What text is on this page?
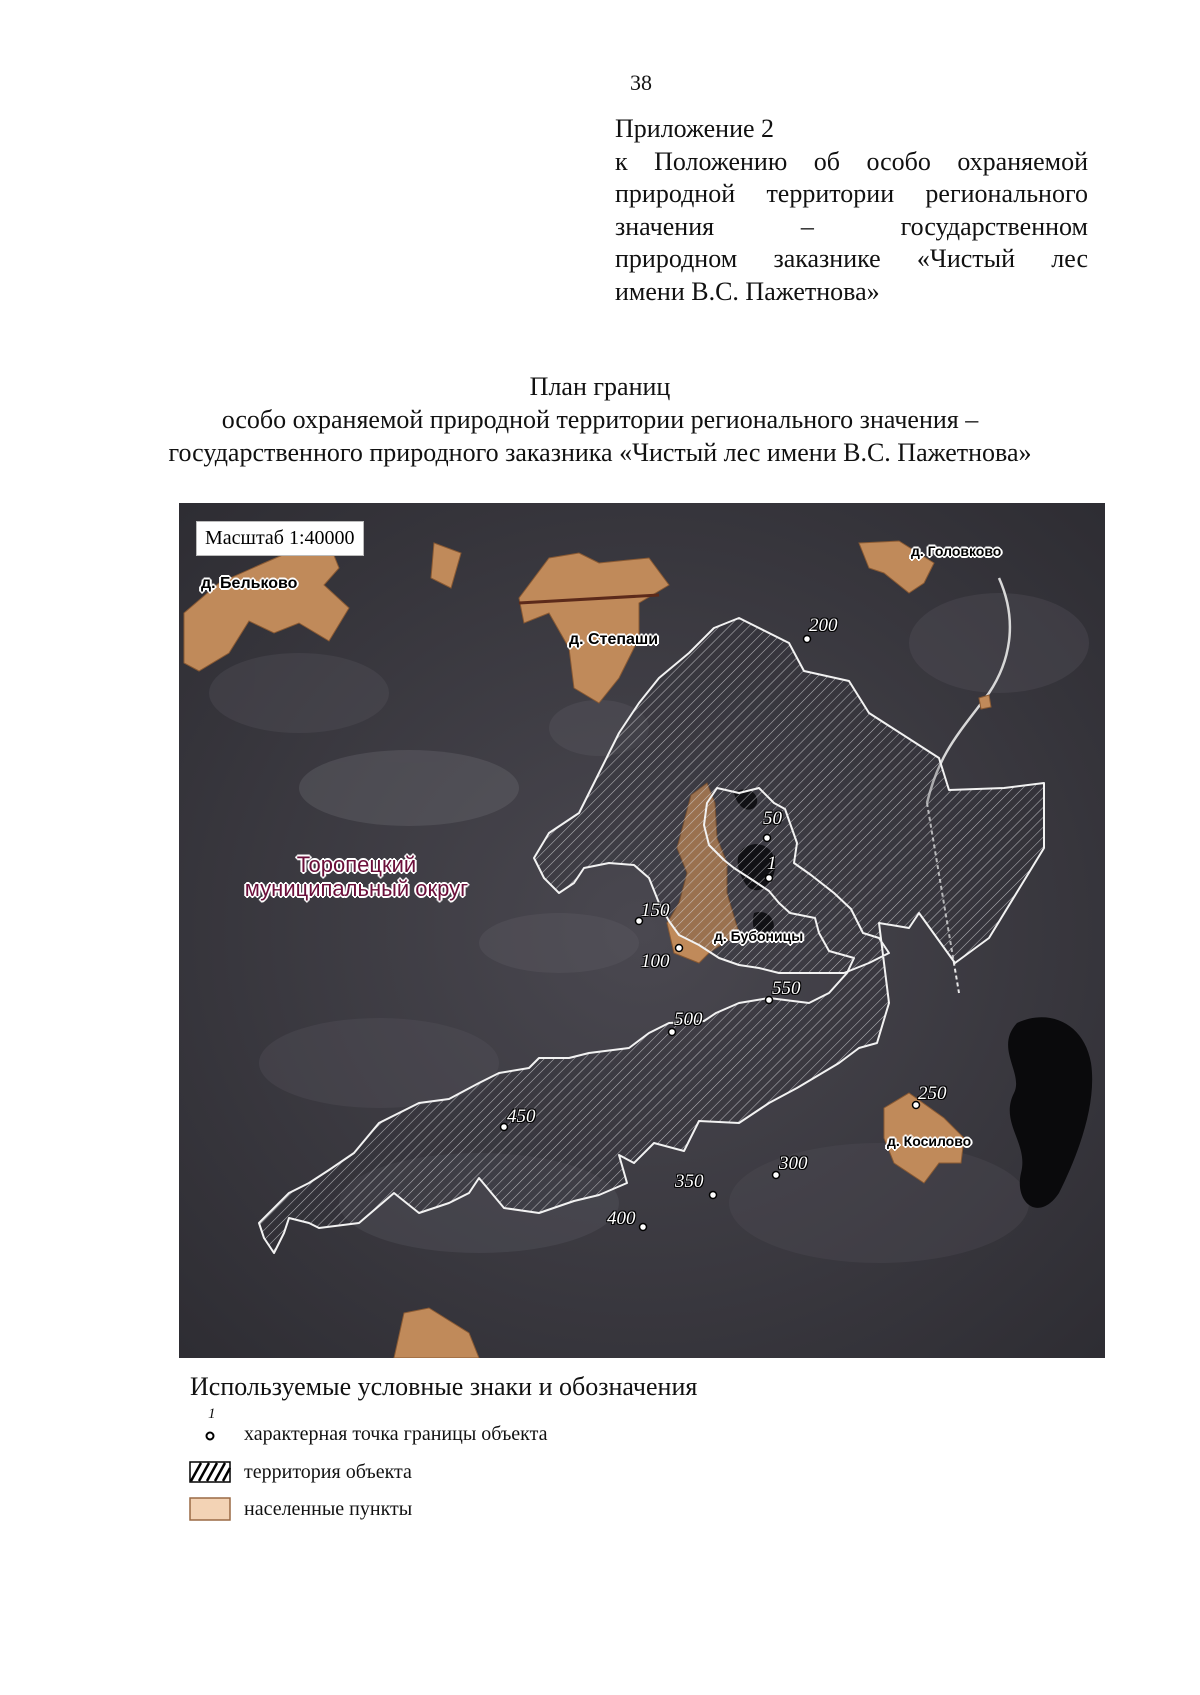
38
Приложение 2
к Положению об особо охраняемой
природной территории регионального
значения – государственном
природном заказнике «Чистый лес
имени В.С. Пажетнова»
План границ
особо охраняемой природной территории регионального значения –
государственного природного заказника «Чистый лес имени В.С. Пажетнова»
Масштаб 1:40000
д. Бельково
д. Степаши
д. Головково
д. Бубоницы
д. Косилово
Торопецкий
муниципальный округ
200
1
50
150
100
550
500
450
250
300
350
400
Используемые условные знаки и обозначения
1
характерная точка границы объекта
территория объекта
населенные пункты
